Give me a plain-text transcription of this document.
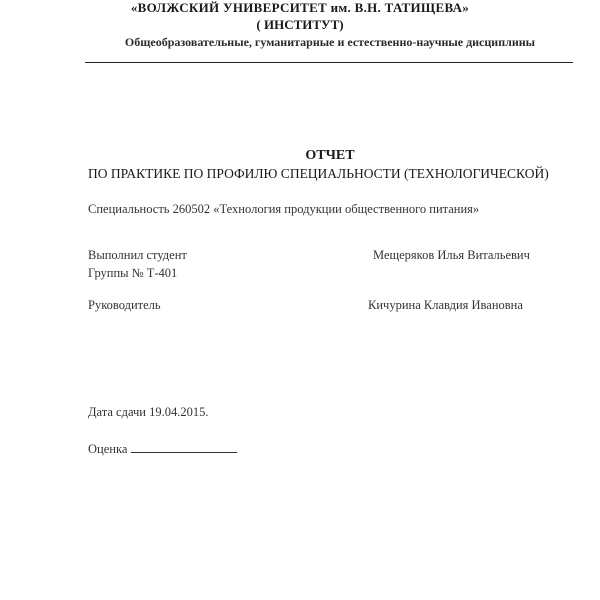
«ВОЛЖСКИЙ УНИВЕРСИТЕТ им. В.Н. ТАТИЩЕВА»
( ИНСТИТУТ)
Общеобразовательные, гуманитарные и естественно-научные дисциплины
ОТЧЕТ
ПО ПРАКТИКЕ ПО ПРОФИЛЮ СПЕЦИАЛЬНОСТИ (ТЕХНОЛОГИЧЕСКОЙ)
Специальность 260502 «Технология продукции общественного питания»
Выполнил студент	Мещеряков Илья Витальевич
Группы № Т-401
Руководитель	Кичурина Клавдия Ивановна
Дата сдачи 19.04.2015.
Оценка
